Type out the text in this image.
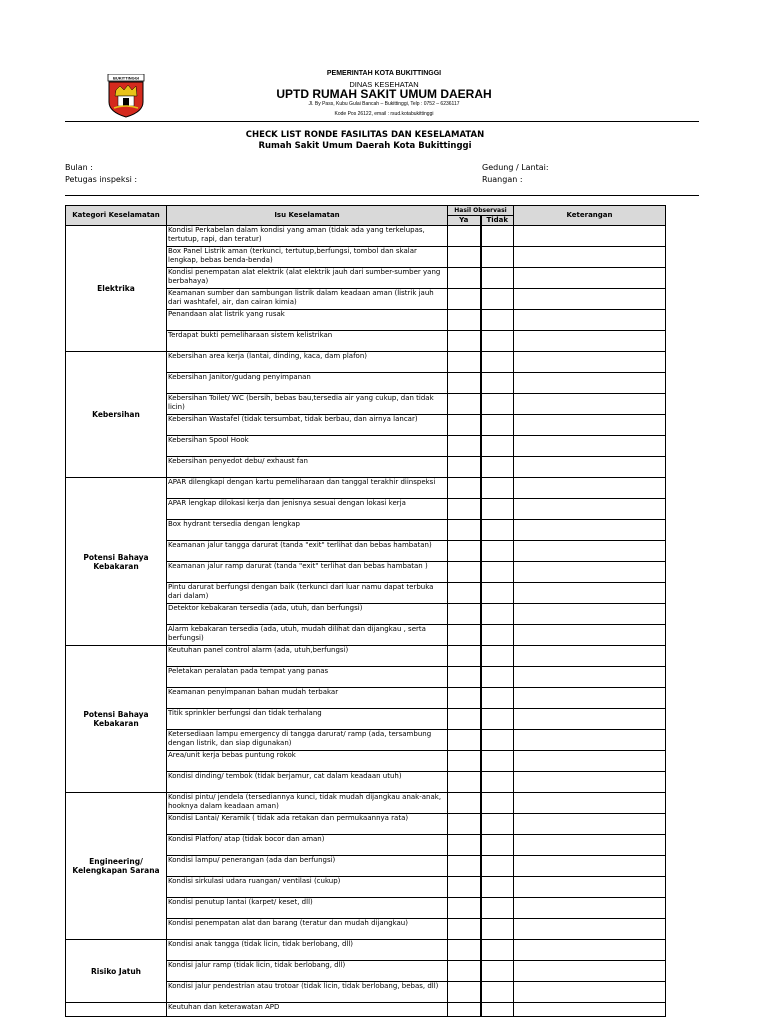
BUKITTINGGI
PEMERINTAH KOTA BUKITTINGGI
DINAS KESEHATAN
UPTD RUMAH SAKIT UMUM DAERAH
Jl. By Pass, Kubu Gulai Bancah – Bukittinggi, Telp : 0752 – 6236117
Kode Pos 26122, email : rsud.kotabukittinggi
CHECK LIST RONDE FASILITAS DAN KESELAMATAN
Rumah Sakit Umum Daerah Kota Bukittinggi
Bulan :
Petugas inspeksi :
Gedung / Lantai:
Ruangan :
Kategori Keselamatan	Isu Keselamatan	Hasil Observasi		Keterangan
		Ya	Tidak	
Elektrika	Kondisi Perkabelan dalam kondisi yang aman (tidak ada yang terkelupas, tertutup, rapi, dan teratur)			
	Box Panel Listrik aman (terkunci, tertutup,berfungsi, tombol dan skalar lengkap, bebas benda-benda)			
	Kondisi penempatan alat elektrik (alat elektrik jauh dari sumber-sumber yang berbahaya)			
	Keamanan sumber dan sambungan listrik dalam keadaan aman (listrik jauh dari washtafel, air, dan cairan kimia)			
	Penandaan alat listrik yang rusak			
	Terdapat bukti pemeliharaan sistem kelistrikan			
Kebersihan	Kebersihan area kerja (lantai, dinding, kaca, dam plafon)			
	Kebersihan Janitor/gudang penyimpanan			
	Kebersihan Toilet/ WC (bersih, bebas bau,tersedia air yang cukup, dan tidak licin)			
	Kebersihan Wastafel (tidak tersumbat, tidak berbau, dan airnya lancar)			
	Kebersihan Spool Hook			
	Kebersihan penyedot debu/ exhaust fan			
Potensi Bahaya Kebakaran	APAR dilengkapi dengan kartu pemeliharaan dan tanggal terakhir diinspeksi			
	APAR lengkap dilokasi kerja dan jenisnya sesuai dengan lokasi kerja			
	Box hydrant tersedia dengan lengkap			
	Keamanan jalur tangga darurat (tanda "exit" terlihat dan bebas hambatan)			
	Keamanan jalur ramp darurat (tanda "exit" terlihat dan bebas hambatan )			
	Pintu darurat berfungsi dengan baik (terkunci dari luar namu dapat terbuka dari dalam)			
	Detektor kebakaran tersedia (ada, utuh, dan berfungsi)			
	Alarm kebakaran tersedia (ada, utuh, mudah dilihat dan dijangkau , serta berfungsi)			
Potensi Bahaya Kebakaran	Keutuhan panel control alarm (ada, utuh,berfungsi)			
	Peletakan peralatan pada tempat yang panas			
	Keamanan penyimpanan bahan mudah terbakar			
	Titik sprinkler berfungsi dan tidak terhalang			
	Ketersediaan lampu emergency di tangga darurat/ ramp (ada, tersambung dengan listrik, dan siap digunakan)			
	Area/unit kerja bebas puntung rokok			
	Kondisi dinding/ tembok (tidak berjamur, cat dalam keadaan utuh)			
Engineering/ Kelengkapan Sarana	Kondisi pintu/ jendela (tersediannya kunci, tidak mudah dijangkau anak-anak, hooknya dalam keadaan aman)			
	Kondisi Lantai/ Keramik ( tidak ada retakan dan permukaannya rata)			
	Kondisi Platfon/ atap (tidak bocor dan aman)			
	Kondisi lampu/ penerangan (ada dan berfungsi)			
	Kondisi sirkulasi udara ruangan/ ventilasi (cukup)			
	Kondisi penutup lantai (karpet/ keset, dll)			
	Kondisi penempatan alat dan barang (teratur dan mudah dijangkau)			
Risiko Jatuh	Kondisi anak tangga (tidak licin, tidak berlobang, dll)			
	Kondisi jalur ramp (tidak licin, tidak berlobang, dll)			
	Kondisi jalur pendestrian atau trotoar (tidak licin, tidak berlobang, bebas, dll)			
	Keutuhan dan keterawatan APD			
